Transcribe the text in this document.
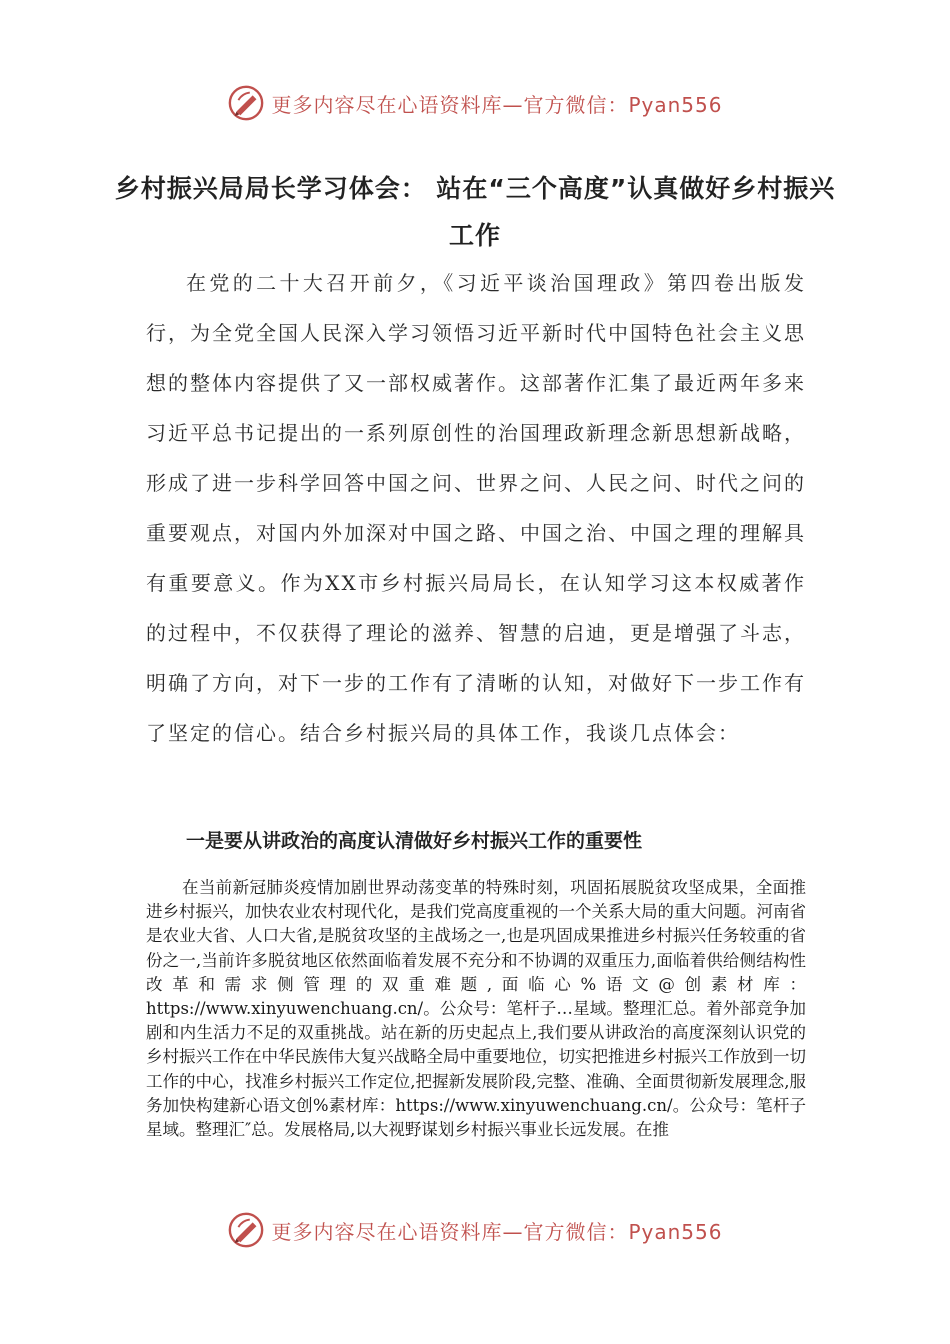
更多内容尽在心语资料库—官方微信：Pyan556
乡村振兴局局长学习体会： 站在“三个高度”认真做好乡村振兴工作

在党的二十大召开前夕，《习近平谈治国理政》第四卷出版发行，为全党全国人民深入学习领悟习近平新时代中国特色社会主义思想的整体内容提供了又一部权威著作。这部著作汇集了最近两年多来习近平总书记提出的一系列原创性的治国理政新理念新思想新战略，形成了进一步科学回答中国之问、世界之问、人民之问、时代之问的重要观点，对国内外加深对中国之路、中国之治、中国之理的理解具有重要意义。作为XX市乡村振兴局局长，在认知学习这本权威著作的过程中，不仅获得了理论的滋养、智慧的启迪，更是增强了斗志，明确了方向，对下一步的工作有了清晰的认知，对做好下一步工作有了坚定的信心。结合乡村振兴局的具体工作，我谈几点体会：

一是要从讲政治的高度认清做好乡村振兴工作的重要性

在当前新冠肺炎疫情加剧世界动荡变革的特殊时刻，巩固拓展脱贫攻坚成果，全面推进乡村振兴，加快农业农村现代化，是我们党高度重视的一个关系大局的重大问题。河南省是农业大省、人口大省,是脱贫攻坚的主战场之一,也是巩固成果推进乡村振兴任务较重的省份之一,当前许多脱贫地区依然面临着发展不充分和不协调的双重压力,面临着供给侧结构性改革和需求侧管理的双重难题,面临心%语文@创素材库：https://www.xinyuwenchuang.cn/。公众号：笔杆子…星域。整理汇总。着外部竞争加剧和内生活力不足的双重挑战。站在新的历史起点上,我们要从讲政治的高度深刻认识党的乡村振兴工作在中华民族伟大复兴战略全局中重要地位，切实把推进乡村振兴工作放到一切工作的中心，找准乡村振兴工作定位,把握新发展阶段,完整、准确、全面贯彻新发展理念,服务加快构建新心语文创%素材库：https://www.xinyuwenchuang.cn/。公众号：笔杆子星域。整理汇″总。发展格局,以大视野谋划乡村振兴事业长远发展。在推

更多内容尽在心语资料库—官方微信：Pyan556
